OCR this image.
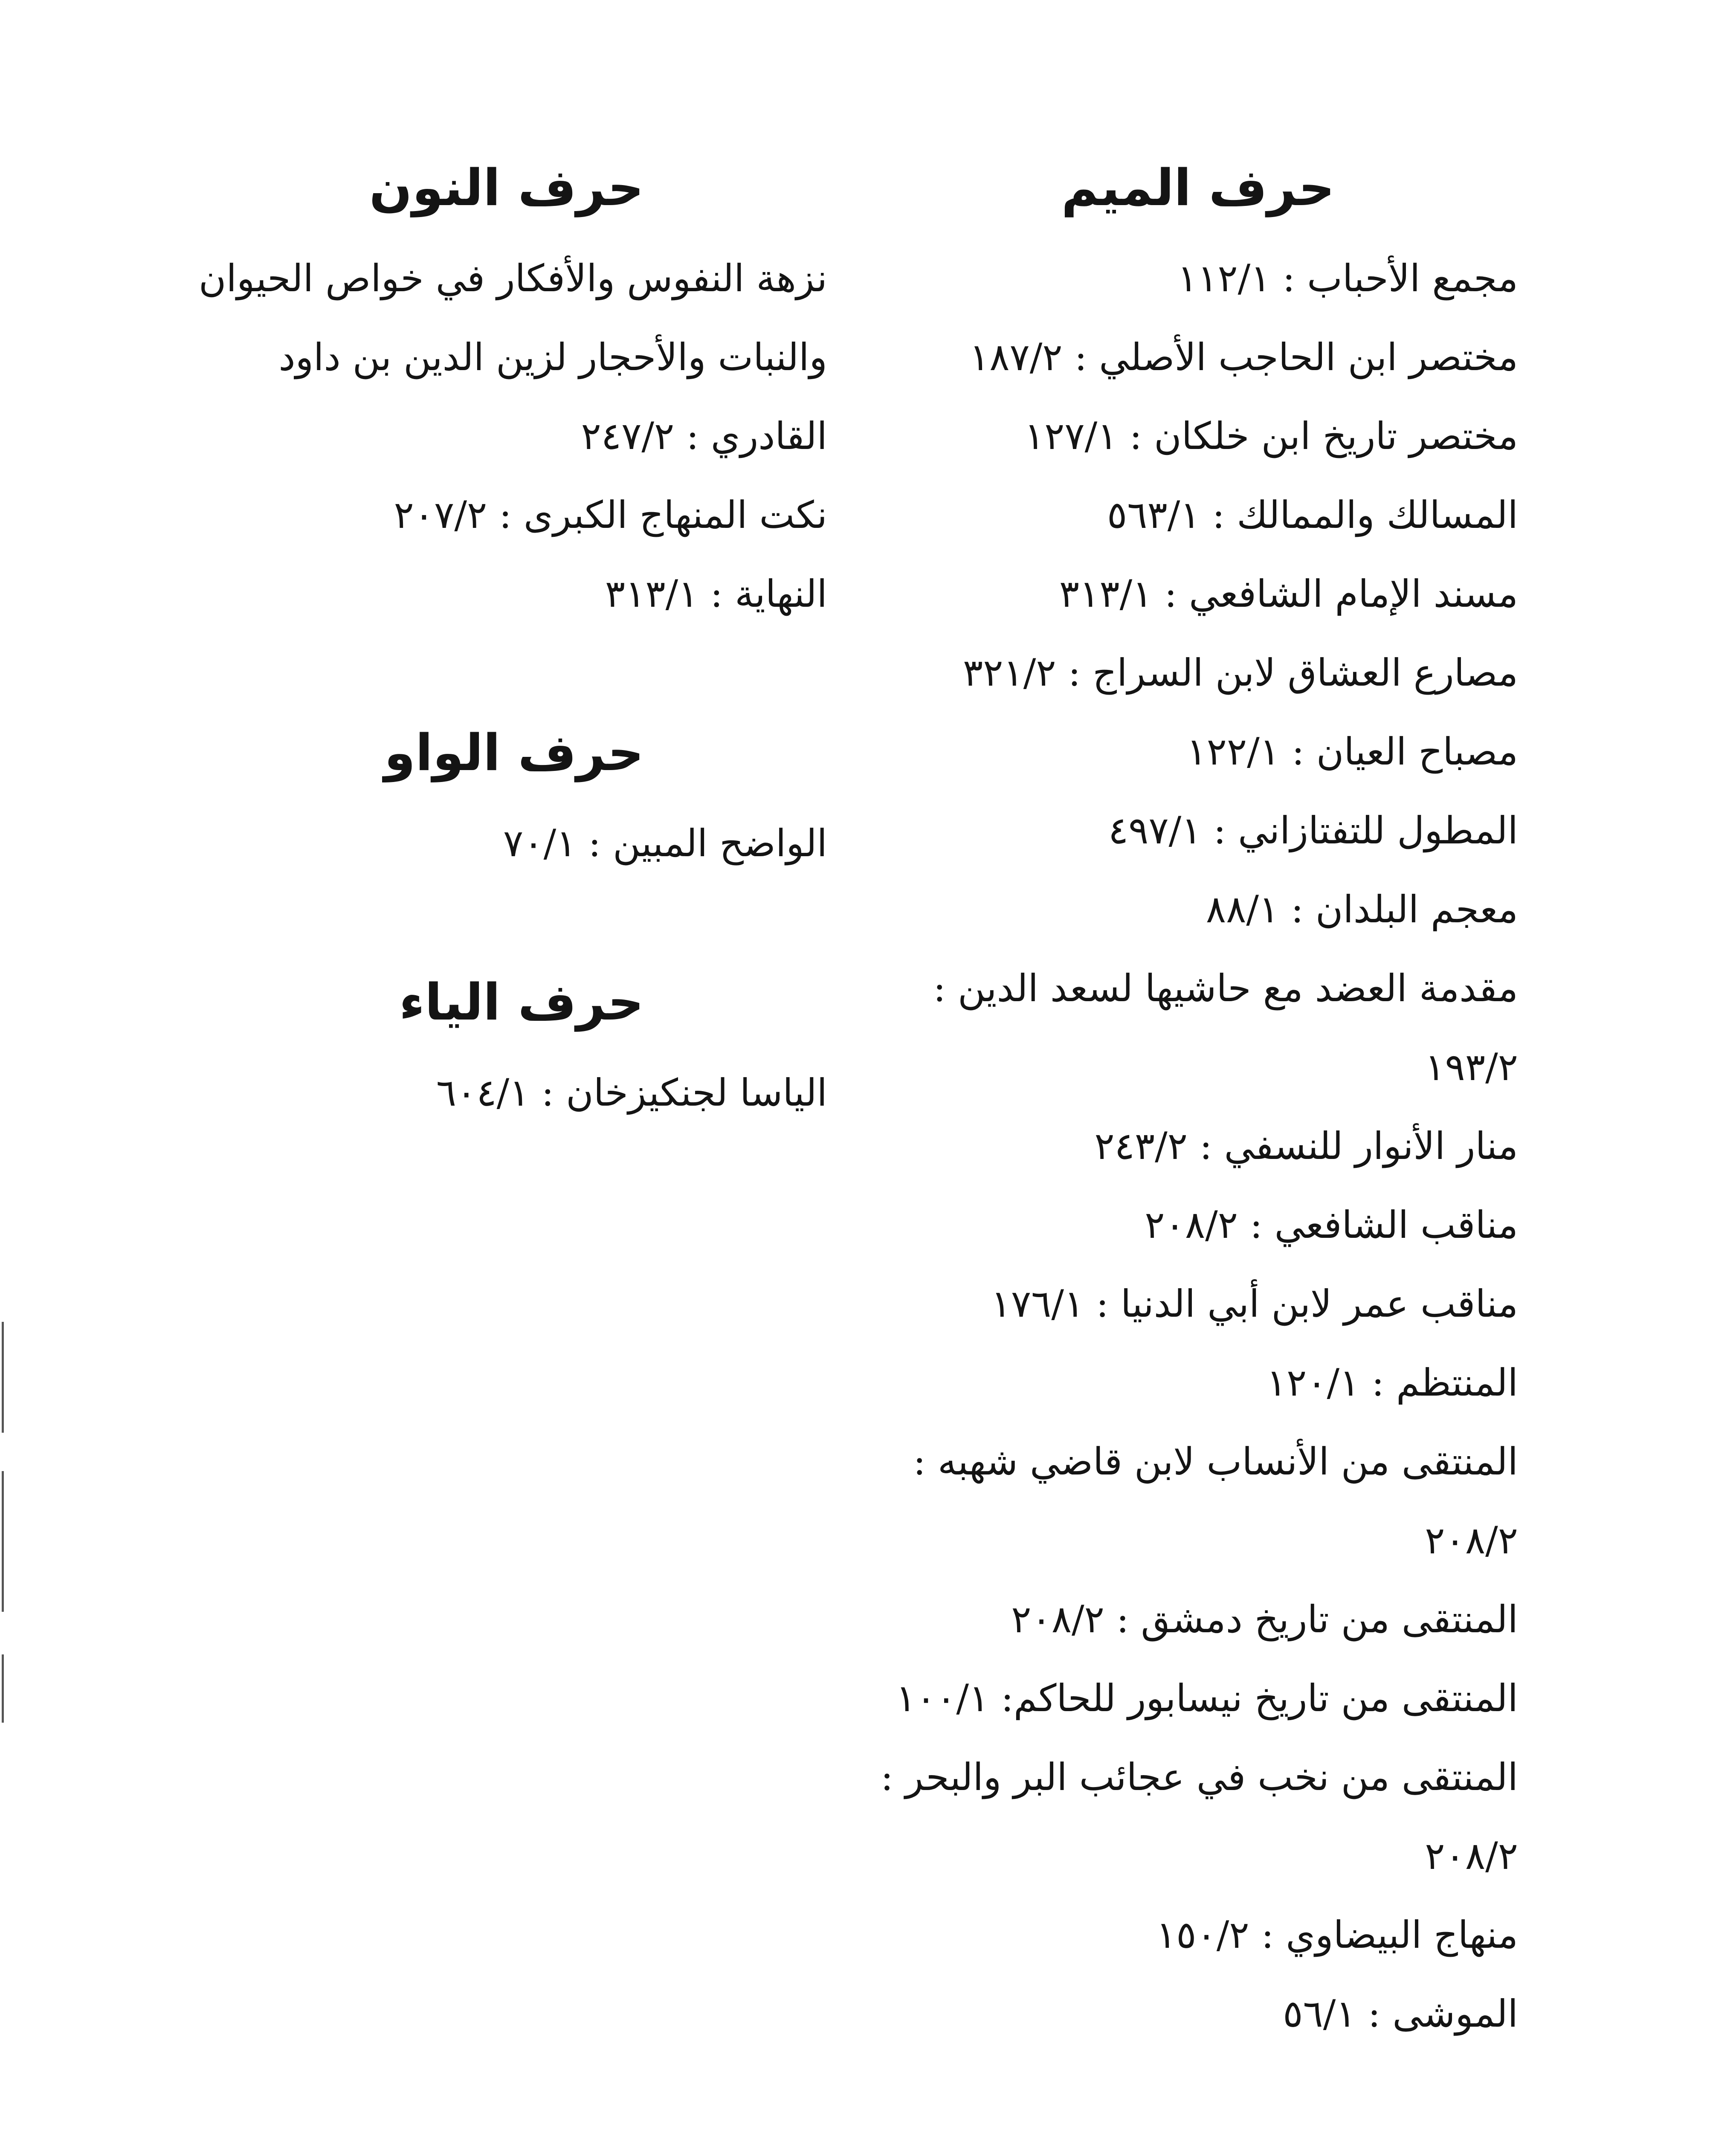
حرف الميم
مجمع الأحباب : ١١٢/١
مختصر ابن الحاجب الأصلي : ١٨٧/٢
مختصر تاريخ ابن خلكان : ١٢٧/١
المسالك والممالك : ٥٦٣/١
مسند الإمام الشافعي : ٣١٣/١
مصارع العشاق لابن السراج : ٣٢١/٢
مصباح العيان : ١٢٢/١
المطول للتفتازاني : ٤٩٧/١
معجم البلدان : ٨٨/١
مقدمة العضد مع حاشيها لسعد الدين :
١٩٣/٢
منار الأنوار للنسفي : ٢٤٣/٢
مناقب الشافعي : ٢٠٨/٢
مناقب عمر لابن أبي الدنيا : ١٧٦/١
المنتظم : ١٢٠/١
المنتقى من الأنساب لابن قاضي شهبه :
٢٠٨/٢
المنتقى من تاريخ دمشق : ٢٠٨/٢
المنتقى من تاريخ نيسابور للحاكم: ١٠٠/١
المنتقى من نخب في عجائب البر والبحر :
٢٠٨/٢
منهاج البيضاوي : ١٥٠/٢
الموشى : ٥٦/١
حرف النون
نزهة النفوس والأفكار في خواص الحيوان
والنبات والأحجار لزين الدين بن داود
القادري : ٢٤٧/٢
نكت المنهاج الكبرى : ٢٠٧/٢
النهاية : ٣١٣/١
حرف الواو
الواضح المبين : ٧٠/١
حرف الياء
الياسا لجنكيزخان : ٦٠٤/١
